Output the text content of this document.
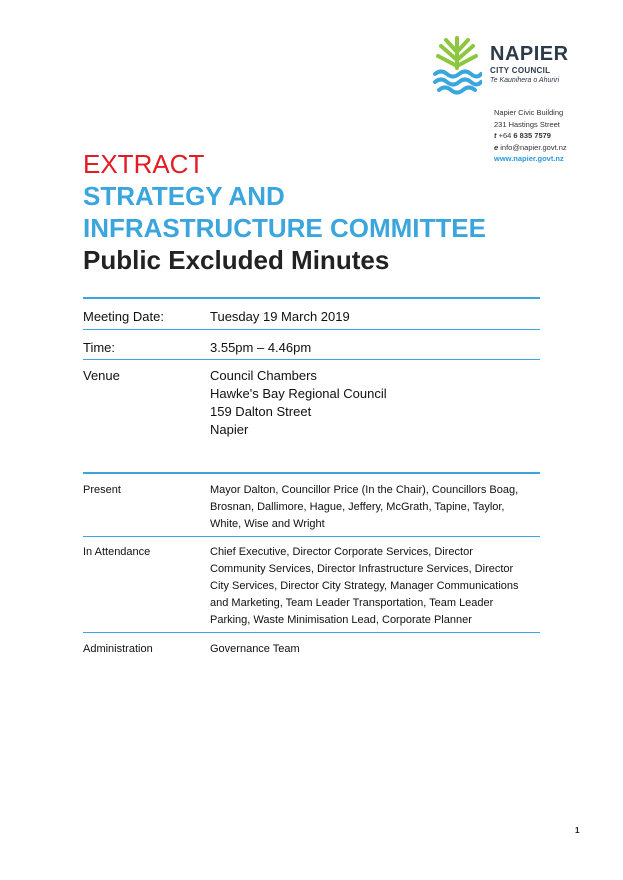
NAPIER
CITY COUNCIL
Te Kaunihera o Ahuriri
Napier Civic Building
231 Hastings Street
t +64 6 835 7579
e info@napier.govt.nz
www.napier.govt.nz
EXTRACT
STRATEGY AND
INFRASTRUCTURE COMMITTEE
Public Excluded Minutes
Meeting Date:	Tuesday 19 March 2019
Time:	3.55pm – 4.46pm
Venue	Council Chambers
Hawke's Bay Regional Council
159 Dalton Street
Napier
Present	Mayor Dalton, Councillor Price (In the Chair), Councillors Boag,
Brosnan, Dallimore, Hague, Jeffery, McGrath, Tapine, Taylor,
White, Wise and Wright
In Attendance	Chief Executive, Director Corporate Services, Director
Community Services, Director Infrastructure Services, Director
City Services, Director City Strategy, Manager Communications
and Marketing, Team Leader Transportation, Team Leader
Parking, Waste Minimisation Lead, Corporate Planner
Administration	Governance Team
1
